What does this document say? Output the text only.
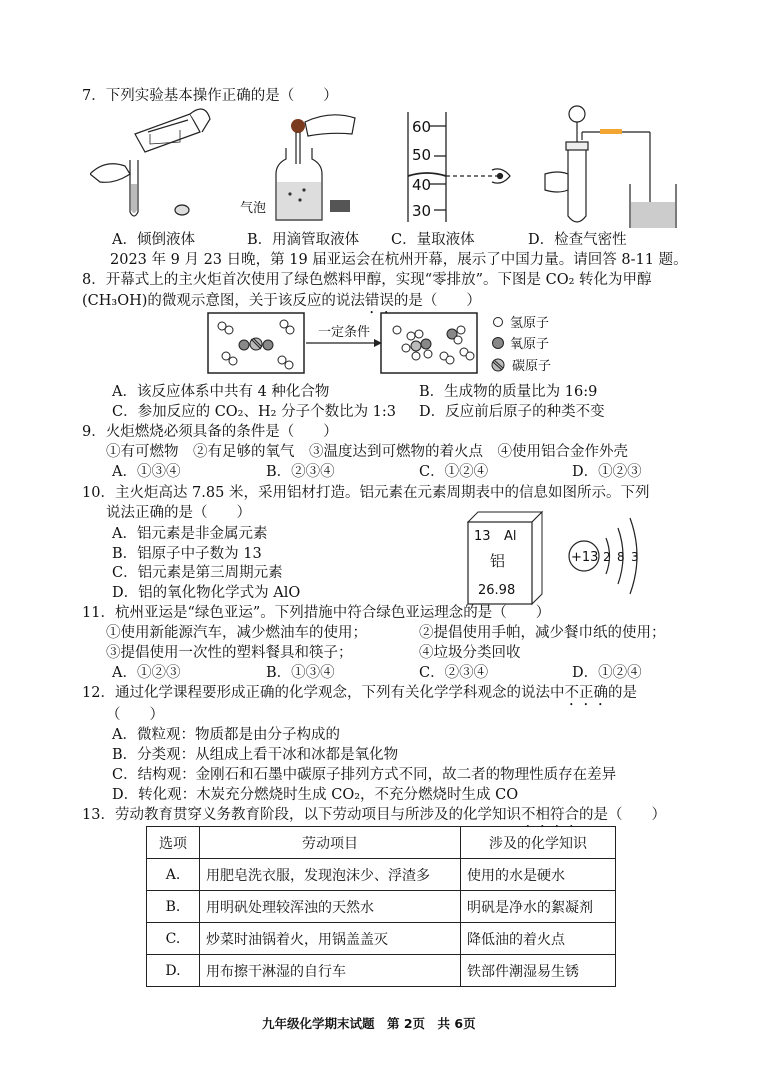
7．下列实验基本操作正确的是（　　）
气泡
60
50
40
30
A．倾倒液体	B．用滴管取液体 C．量取液体	D．检查气密性
2023 年 9 月 23 日晚，第 19 届亚运会在杭州开幕，展示了中国力量。请回答 8-11 题。
8．开幕式上的主火炬首次使用了绿色燃料甲醇，实现“零排放”。下图是 CO₂ 转化为甲醇
(CH₃OH)的微观示意图，关于该反应的说法错误的是（　　）
一定条件
氢原子
氧原子
碳原子
A．该反应体系中共有 4 种化合物	B．生成物的质量比为 16:9
C．参加反应的 CO₂、H₂ 分子个数比为 1:3 D．反应前后原子的种类不变
9．火炬燃烧必须具备的条件是（　　）
①有可燃物　②有足够的氧气　③温度达到可燃物的着火点　④使用铝合金作外壳
A．①③④	B．②③④	C．①②④	D．①②③
10．主火炬高达 7.85 米，采用铝材打造。铝元素在元素周期表中的信息如图所示。下列
说法正确的是（　　）
A．铝元素是非金属元素
B．铝原子中子数为 13
C．铝元素是第三周期元素
D．铝的氧化物化学式为 AlO
13 Al
铝
26.98
+13 2 8 3
11．杭州亚运是“绿色亚运”。下列措施中符合绿色亚运理念的是（　　）
①使用新能源汽车，减少燃油车的使用；	②提倡使用手帕，减少餐巾纸的使用；
③提倡使用一次性的塑料餐具和筷子；	④垃圾分类回收
A．①②③	B．①③④	C．②③④	D．①②④
12．通过化学课程要形成正确的化学观念，下列有关化学学科观念的说法中不正确的是
（　　）
A．微粒观：物质都是由分子构成的
B．分类观：从组成上看干冰和冰都是氧化物
C．结构观：金刚石和石墨中碳原子排列方式不同，故二者的物理性质存在差异
D．转化观：木炭充分燃烧时生成 CO₂，不充分燃烧时生成 CO
13．劳动教育贯穿义务教育阶段，以下劳动项目与所涉及的化学知识不相符合的是（　　）
选项	劳动项目	涉及的化学知识
A.	用肥皂洗衣服，发现泡沫少、浮渣多	使用的水是硬水
B.	用明矾处理较浑浊的天然水	明矾是净水的絮凝剂
C.	炒菜时油锅着火，用锅盖盖灭	降低油的着火点
D.	用布擦干淋湿的自行车	铁部件潮湿易生锈
九年级化学期末试题　第 2页　共 6页
